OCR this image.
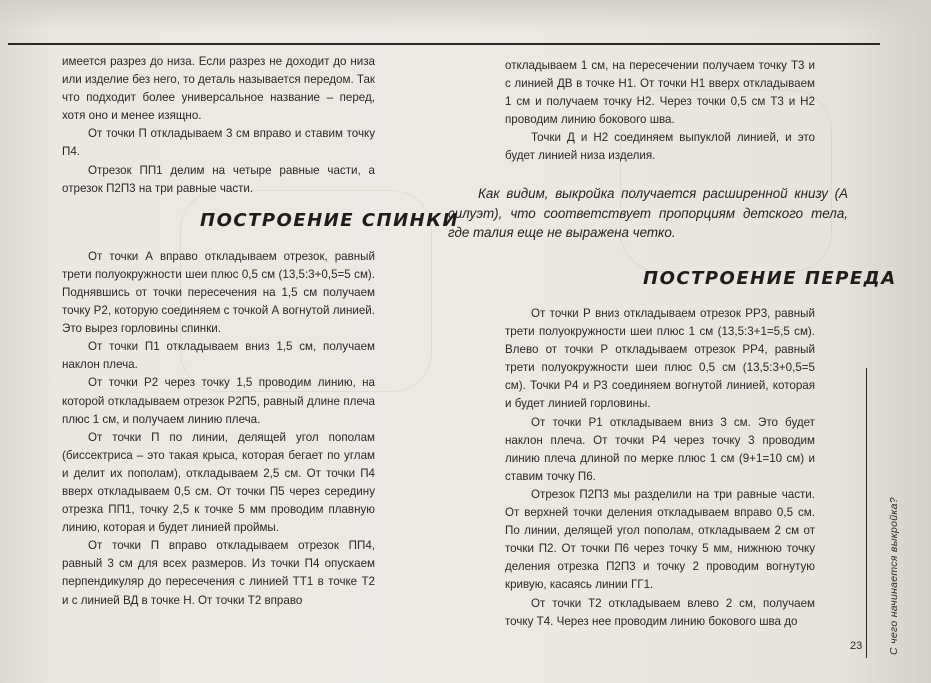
имеется разрез до низа. Если разрез не доходит до низа или изделие без него, то деталь называется передом. Так что подходит более универсальное название – перед, хотя оно и менее изящно.

От точки П откладываем 3 см вправо и ставим точку П4.

Отрезок ПП1 делим на четыре равные части, а отрезок П2П3 на три равные части.

От точки А вправо откладываем отрезок, равный трети полуокружности шеи плюс 0,5 см (13,5:3+0,5=5 см). Поднявшись от точки пересечения на 1,5 см получаем точку Р2, которую соединяем с точкой А вогнутой линией. Это вырез горловины спинки.

От точки П1 откладываем вниз 1,5 см, получаем наклон плеча.

От точки Р2 через точку 1,5 проводим линию, на которой откладываем отрезок Р2П5, равный длине плеча плюс 1 см, и получаем линию плеча.

От точки П по линии, делящей угол пополам (биссектриса – это такая крыса, которая бегает по углам и делит их пополам), откладываем 2,5 см. От точки П4 вверх откладываем 0,5 см. От точки П5 через середину отрезка ПП1, точку 2,5 к точке 5 мм проводим плавную линию, которая и будет линией проймы.

От точки П вправо откладываем отрезок ПП4, равный 3 см для всех размеров. Из точки П4 опускаем перпендикуляр до пересечения с линией ТТ1 в точке Т2 и с линией ВД в точке Н. От точки Т2 вправо

ПОСТРОЕНИЕ СПИНКИ

откладываем 1 см, на пересечении получаем точку Т3 и с линией ДВ в точке Н1. От точки Н1 вверх откладываем 1 см и получаем точку Н2. Через точки 0,5 см Т3 и Н2 проводим линию бокового шва.

Точки Д и Н2 соединяем выпуклой линией, и это будет линией низа изделия.

Как видим, выкройка получается расширенной книзу (А силуэт), что соответствует пропорциям детского тела, где талия еще не выражена четко.
ПОСТРОЕНИЕ ПЕРЕДА

От точки Р вниз откладываем отрезок РР3, равный трети полуокружности шеи плюс 1 см (13,5:3+1=5,5 см). Влево от точки Р откладываем отрезок РР4, равный трети полуокружности шеи плюс 0,5 см (13,5:3+0,5=5 см). Точки Р4 и Р3 соединяем вогнутой линией, которая и будет линией горловины.

От точки Р1 откладываем вниз 3 см. Это будет наклон плеча. От точки Р4 через точку 3 проводим линию плеча длиной по мерке плюс 1 см (9+1=10 см) и ставим точку П6.

Отрезок П2П3 мы разделили на три равные части. От верхней точки деления откладываем вправо 0,5 см. По линии, делящей угол пополам, откладываем 2 см от точки П2. От точки П6 через точку 5 мм, нижнюю точку деления отрезка П2П3 и точку 2 проводим вогнутую кривую, касаясь линии ГГ1.

От точки Т2 откладываем влево 2 см, получаем точку Т4. Через нее проводим линию бокового шва до	С чего начинается выкройка?
23
